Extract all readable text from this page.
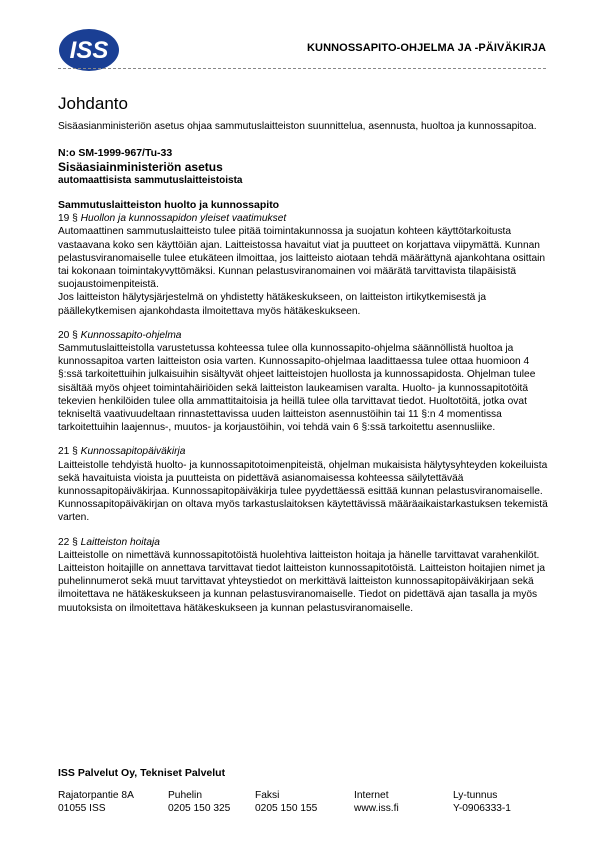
ISS	KUNNOSSAPITO-OHJELMA JA -PÄIVÄKIRJA
Johdanto

Sisäasianministeriön asetus ohjaa sammutuslaitteiston suunnittelua, asennusta, huoltoa ja kunnossapitoa.

N:o SM-1999-967/Tu-33
Sisäasiainministeriön asetus
automaattisista sammutuslaitteistoista
Sammutuslaitteiston huolto ja kunnossapito
19 § Huollon ja kunnossapidon yleiset vaatimukset

Automaattinen sammutuslaitteisto tulee pitää toimintakunnossa ja suojatun kohteen käyttötarkoitusta vastaavana koko sen käyttöiän ajan. Laitteistossa havaitut viat ja puutteet on korjattava viipymättä. Kunnan pelastusviranomaiselle tulee etukäteen ilmoittaa, jos laitteisto aiotaan tehdä määrättynä ajankohtana osittain tai kokonaan toimintakyvyttömäksi. Kunnan pelastusviranomainen voi määrätä tarvittavista tilapäisistä suojaustoimenpiteistä.

Jos laitteiston hälytysjärjestelmä on yhdistetty hätäkeskukseen, on laitteiston irtikytkemisestä ja päällekytkemisen ajankohdasta ilmoitettava myös hätäkeskukseen.

20 § Kunnossapito-ohjelma

Sammutuslaitteistolla varustetussa kohteessa tulee olla kunnossapito-ohjelma säännöllistä huoltoa ja kunnossapitoa varten laitteiston osia varten. Kunnossapito-ohjelmaa laadittaessa tulee ottaa huomioon 4 §:ssä tarkoitettuihin julkaisuihin sisältyvät ohjeet laitteistojen huollosta ja kunnossapidosta. Ohjelman tulee sisältää myös ohjeet toimintahäiriöiden sekä laitteiston laukeamisen varalta. Huolto- ja kunnossapitotöitä tekevien henkilöiden tulee olla ammattitaitoisia ja heillä tulee olla tarvittavat tiedot. Huoltotöitä, jotka ovat tekniseltä vaativuudeltaan rinnastettavissa uuden laitteiston asennustöihin tai 11 §:n 4 momentissa tarkoitettuihin laajennus-, muutos- ja korjaustöihin, voi tehdä vain 6 §:ssä tarkoitettu asennusliike.

21 § Kunnossapitopäiväkirja

Laitteistolle tehdyistä huolto- ja kunnossapitotoimenpiteistä, ohjelman mukaisista hälytysyhteyden kokeiluista sekä havaituista vioista ja puutteista on pidettävä asianomaisessa kohteessa säilytettävää kunnossapitopäiväkirjaa. Kunnossapitopäiväkirja tulee pyydettäessä esittää kunnan pelastusviranomaiselle. Kunnossapitopäiväkirjan on oltava myös tarkastuslaitoksen käytettävissä määräaikaistarkastuksen tekemistä varten.

22 § Laitteiston hoitaja

Laitteistolle on nimettävä kunnossapitotöistä huolehtiva laitteiston hoitaja ja hänelle tarvittavat varahenkilöt. Laitteiston hoitajille on annettava tarvittavat tiedot laitteiston kunnossapitotöistä. Laitteiston hoitajien nimet ja puhelinnumerot sekä muut tarvittavat yhteystiedot on merkittävä laitteiston kunnossapitopäiväkirjaan sekä ilmoitettava ne hätäkeskukseen ja kunnan pelastusviranomaiselle. Tiedot on pidettävä ajan tasalla ja myös muutoksista on ilmoitettava hätäkeskukseen ja kunnan pelastusviranomaiselle.

ISS Palvelut Oy, Tekniset Palvelut
Rajatorpantie 8A
01055 ISS
Puhelin
0205 150 325
Faksi
0205 150 155
Internet
www.iss.fi
Ly-tunnus
Y-0906333-1
